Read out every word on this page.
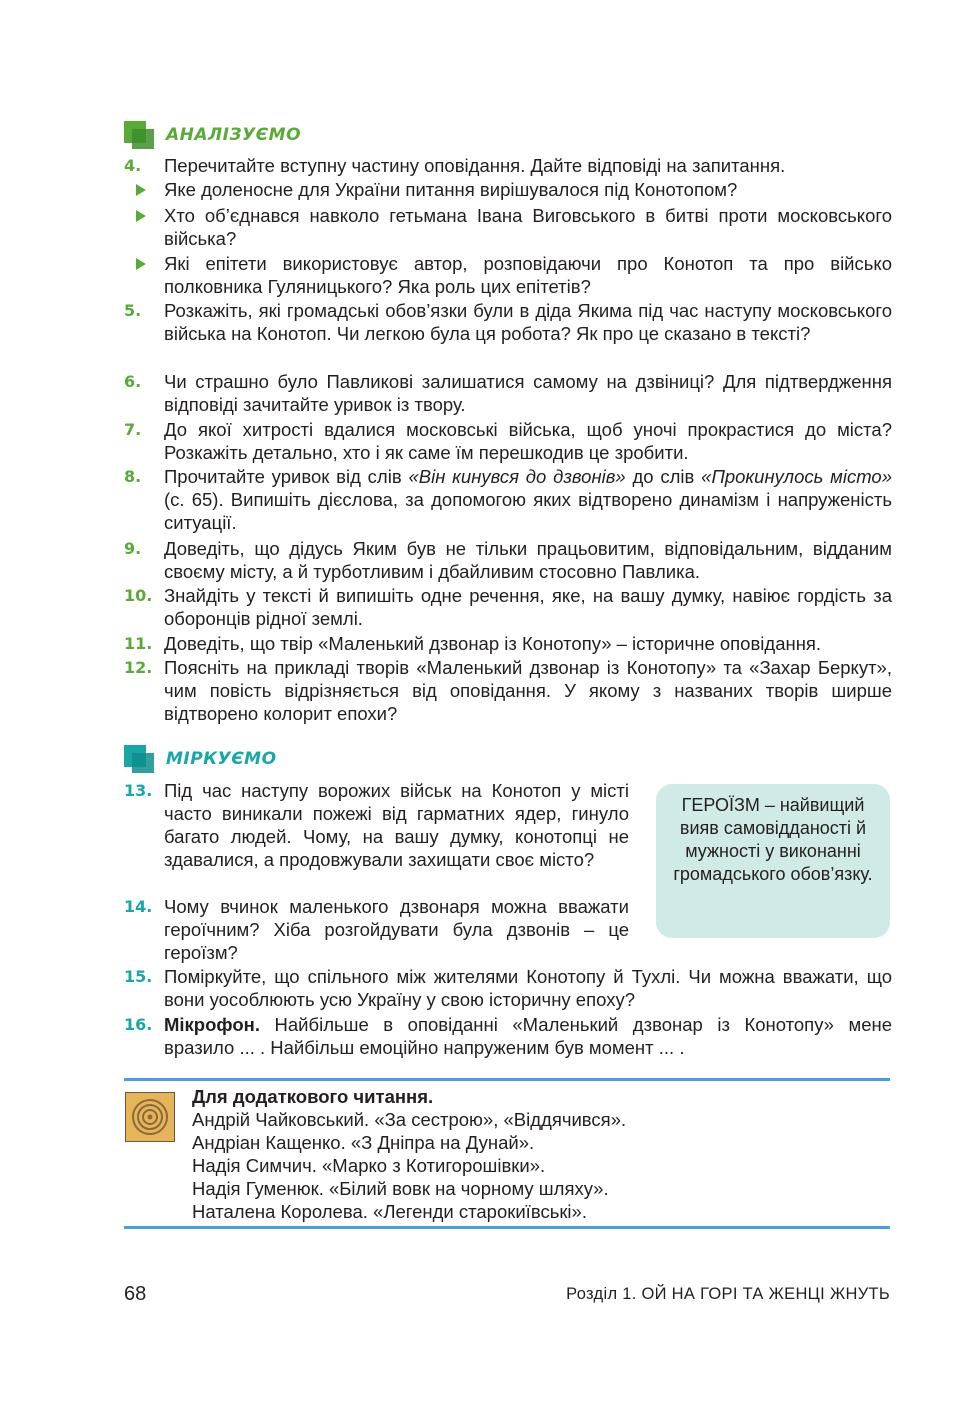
АНАЛІЗУЄМО
4.	Перечитайте вступну частину оповідання. Дайте відповіді на запитання.
Яке доленосне для України питання вирішувалося під Конотопом?
Хто об’єднався навколо гетьмана Івана Виговського в битві проти московського війська?
Які епітети використовує автор, розповідаючи про Конотоп та про військо полковника Гуляницького? Яка роль цих епітетів?
5.	Розкажіть, які громадські обов’язки були в діда Якима під час наступу московського війська на Конотоп. Чи легкою була ця робота? Як про це сказано в тексті?
6.	Чи страшно було Павликові залишатися самому на дзвіниці? Для підтвердження відповіді зачитайте уривок із твору.
7.	До якої хитрості вдалися московські війська, щоб уночі прокрастися до міста? Розкажіть детально, хто і як саме їм перешкодив це зробити.
8.	Прочитайте уривок від слів «Він кинувся до дзвонів» до слів «Прокинулось місто» (с. 65). Випишіть дієслова, за допомогою яких відтворено динамізм і напруженість ситуації.
9.	Доведіть, що дідусь Яким був не тільки працьовитим, відповідальним, відданим своєму місту, а й турботливим і дбайливим стосовно Павлика.
10. Знайдіть у тексті й випишіть одне речення, яке, на вашу думку, навіює гордість за оборонців рідної землі.
11. Доведіть, що твір «Маленький дзвонар із Конотопу» – історичне оповідання.
12. Поясніть на прикладі творів «Маленький дзвонар із Конотопу» та «Захар Беркут», чим повість відрізняється від оповідання. У якому з названих творів ширше відтворено колорит епохи?
МІРКУЄМО
13. Під час наступу ворожих військ на Конотоп у місті часто виникали пожежі від гарматних ядер, гинуло багато людей. Чому, на вашу думку, конотопці не здавалися, а продовжували захищати своє місто?
14. Чому вчинок маленького дзвонаря можна вважати героїчним? Хіба розгойдувати була дзвонів – це героїзм?
ГЕРОЇЗМ – найвищий вияв самовідданості й мужності у виконанні громадського обов’язку.
15. Поміркуйте, що спільного між жителями Конотопу й Тухлі. Чи можна вважати, що вони уособлюють усю Україну у свою історичну епоху?
16. Мікрофон. Найбільше в оповіданні «Маленький дзвонар із Конотопу» мене вразило ... . Найбільш емоційно напруженим був момент ... .
Для додаткового читання.
Андрій Чайковський. «За сестрою», «Віддячився».
Андріан Кащенко. «З Дніпра на Дунай».
Надія Симчич. «Марко з Котигорошівки».
Надія Гуменюк. «Білий вовк на чорному шляху».
Наталена Королева. «Легенди старокиївські».
68	Розділ 1. ОЙ НА ГОРІ ТА ЖЕНЦІ ЖНУТЬ
